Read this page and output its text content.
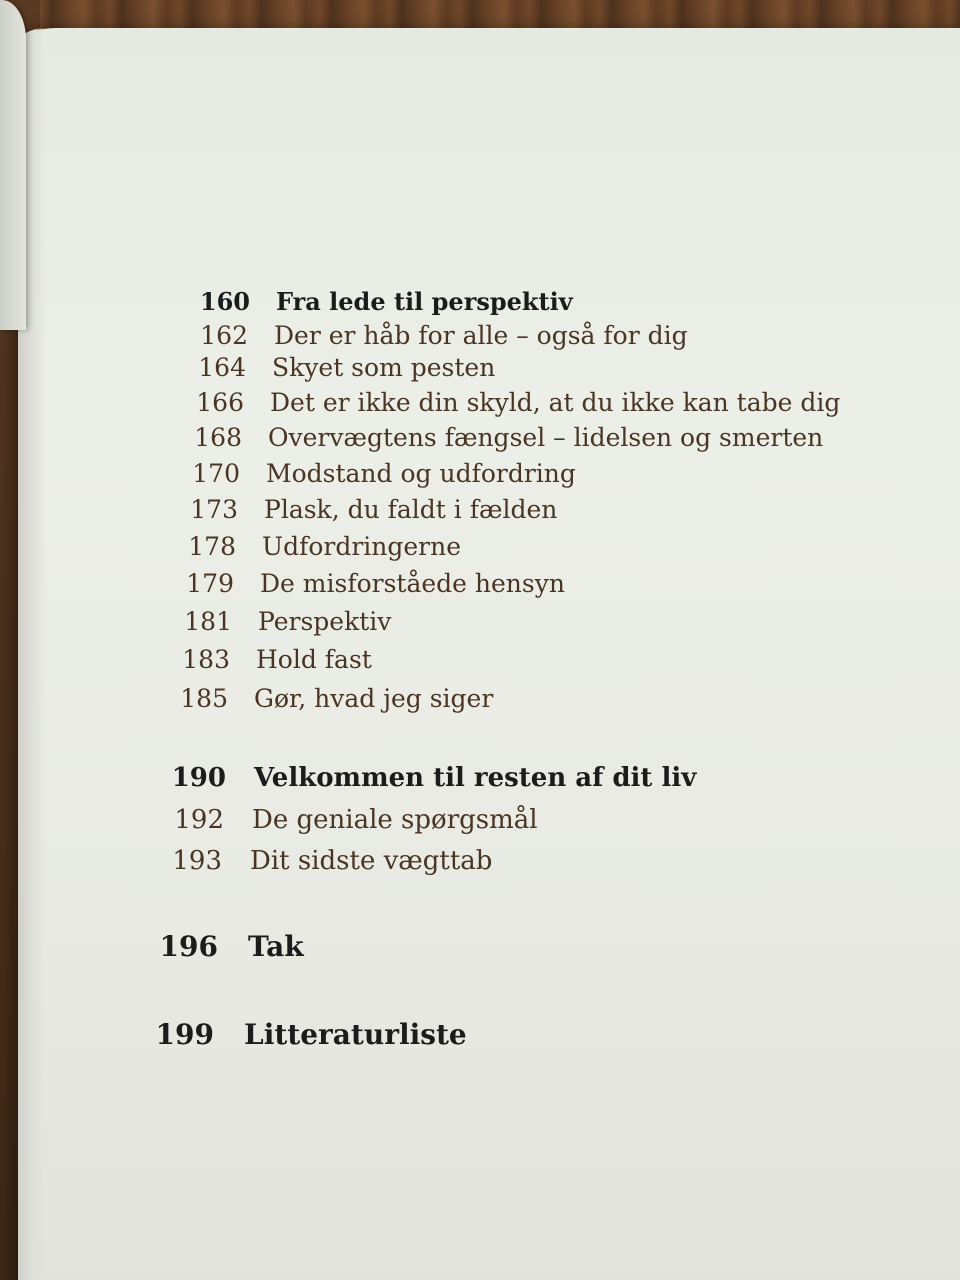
160 Fra lede til perspektiv
162 Der er håb for alle – også for dig
164 Skyet som pesten
166 Det er ikke din skyld, at du ikke kan tabe dig
168 Overvægtens fængsel – lidelsen og smerten
170 Modstand og udfordring
173 Plask, du faldt i fælden
178 Udfordringerne
179 De misforståede hensyn
181 Perspektiv
183 Hold fast
185 Gør, hvad jeg siger
190 Velkommen til resten af dit liv
192 De geniale spørgsmål
193 Dit sidste vægttab
196 Tak
199 Litteraturliste
